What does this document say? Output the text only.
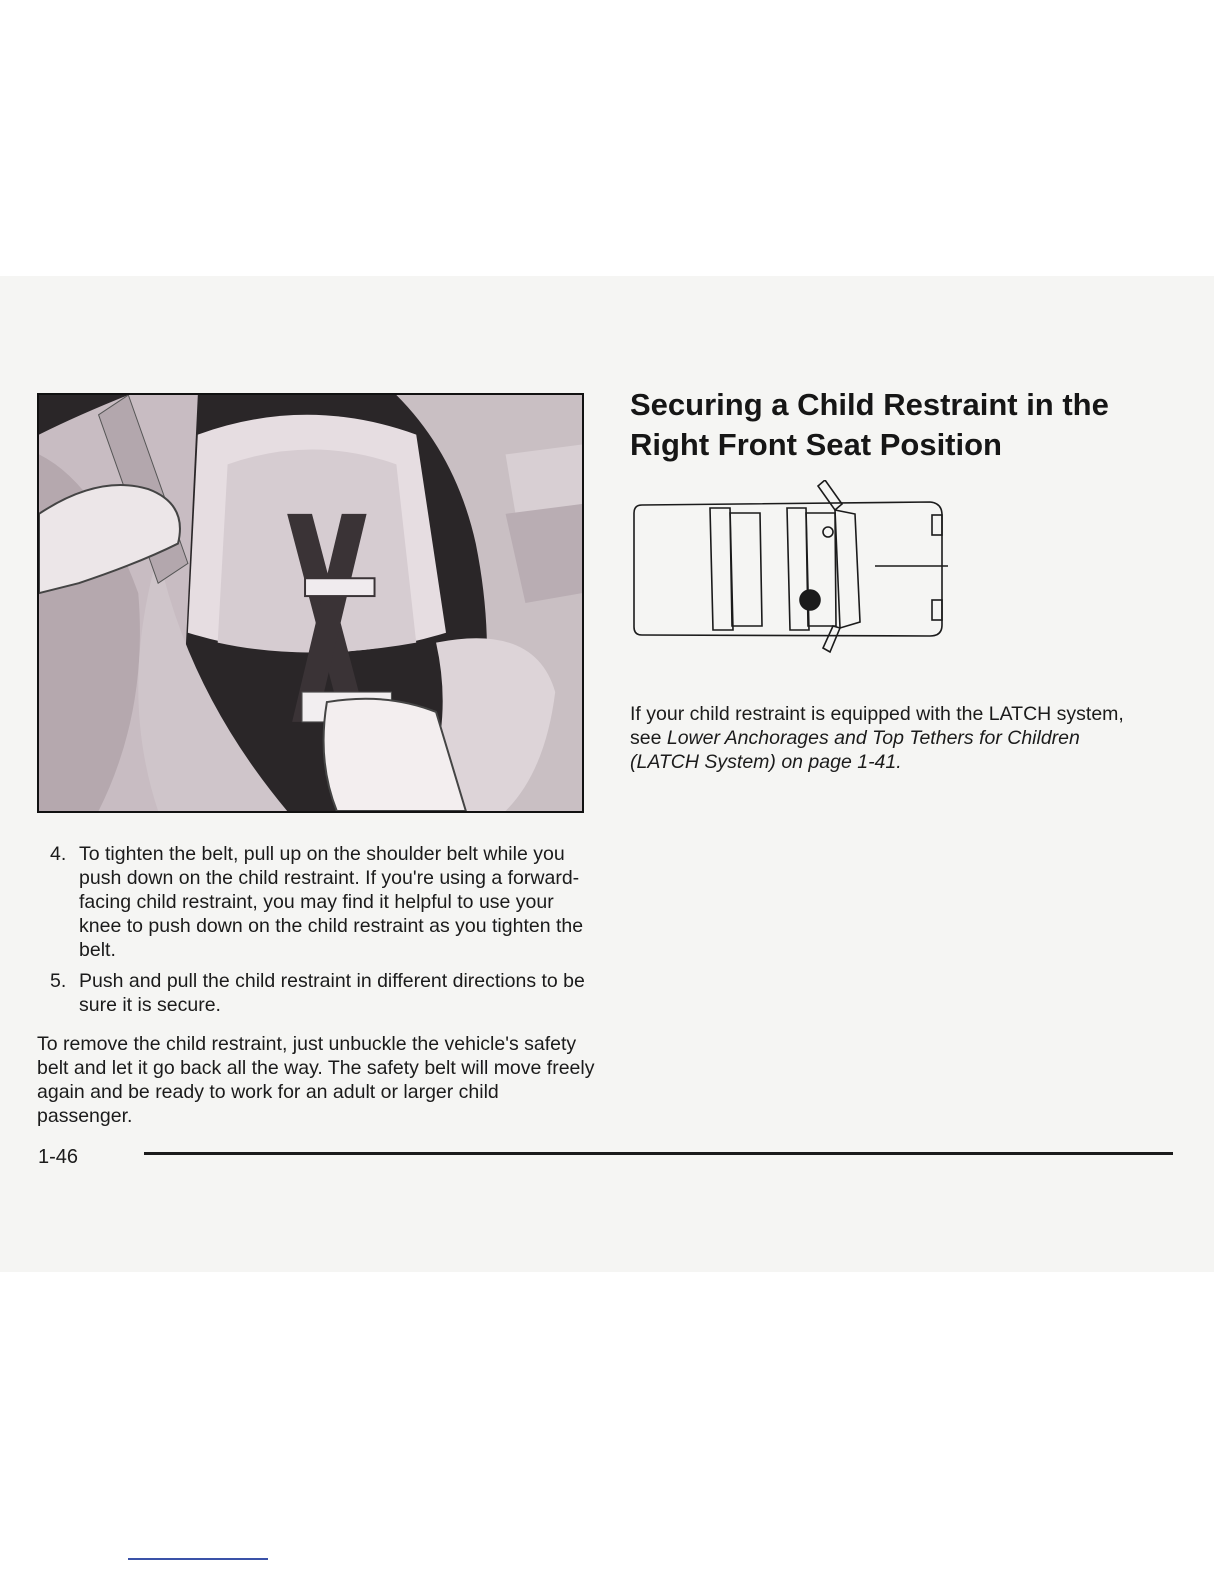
4. To tighten the belt, pull up on the shoulder belt while you push down on the child restraint. If you're using a forward-facing child restraint, you may find it helpful to use your knee to push down on the child restraint as you tighten the belt.
5. Push and pull the child restraint in different directions to be sure it is secure.

To remove the child restraint, just unbuckle the vehicle's safety belt and let it go back all the way. The safety belt will move freely again and be ready to work for an adult or larger child passenger.

1-46
Securing a Child Restraint in the Right Front Seat Position

If your child restraint is equipped with the LATCH system, see Lower Anchorages and Top Tethers for Children (LATCH System) on page 1-41.
